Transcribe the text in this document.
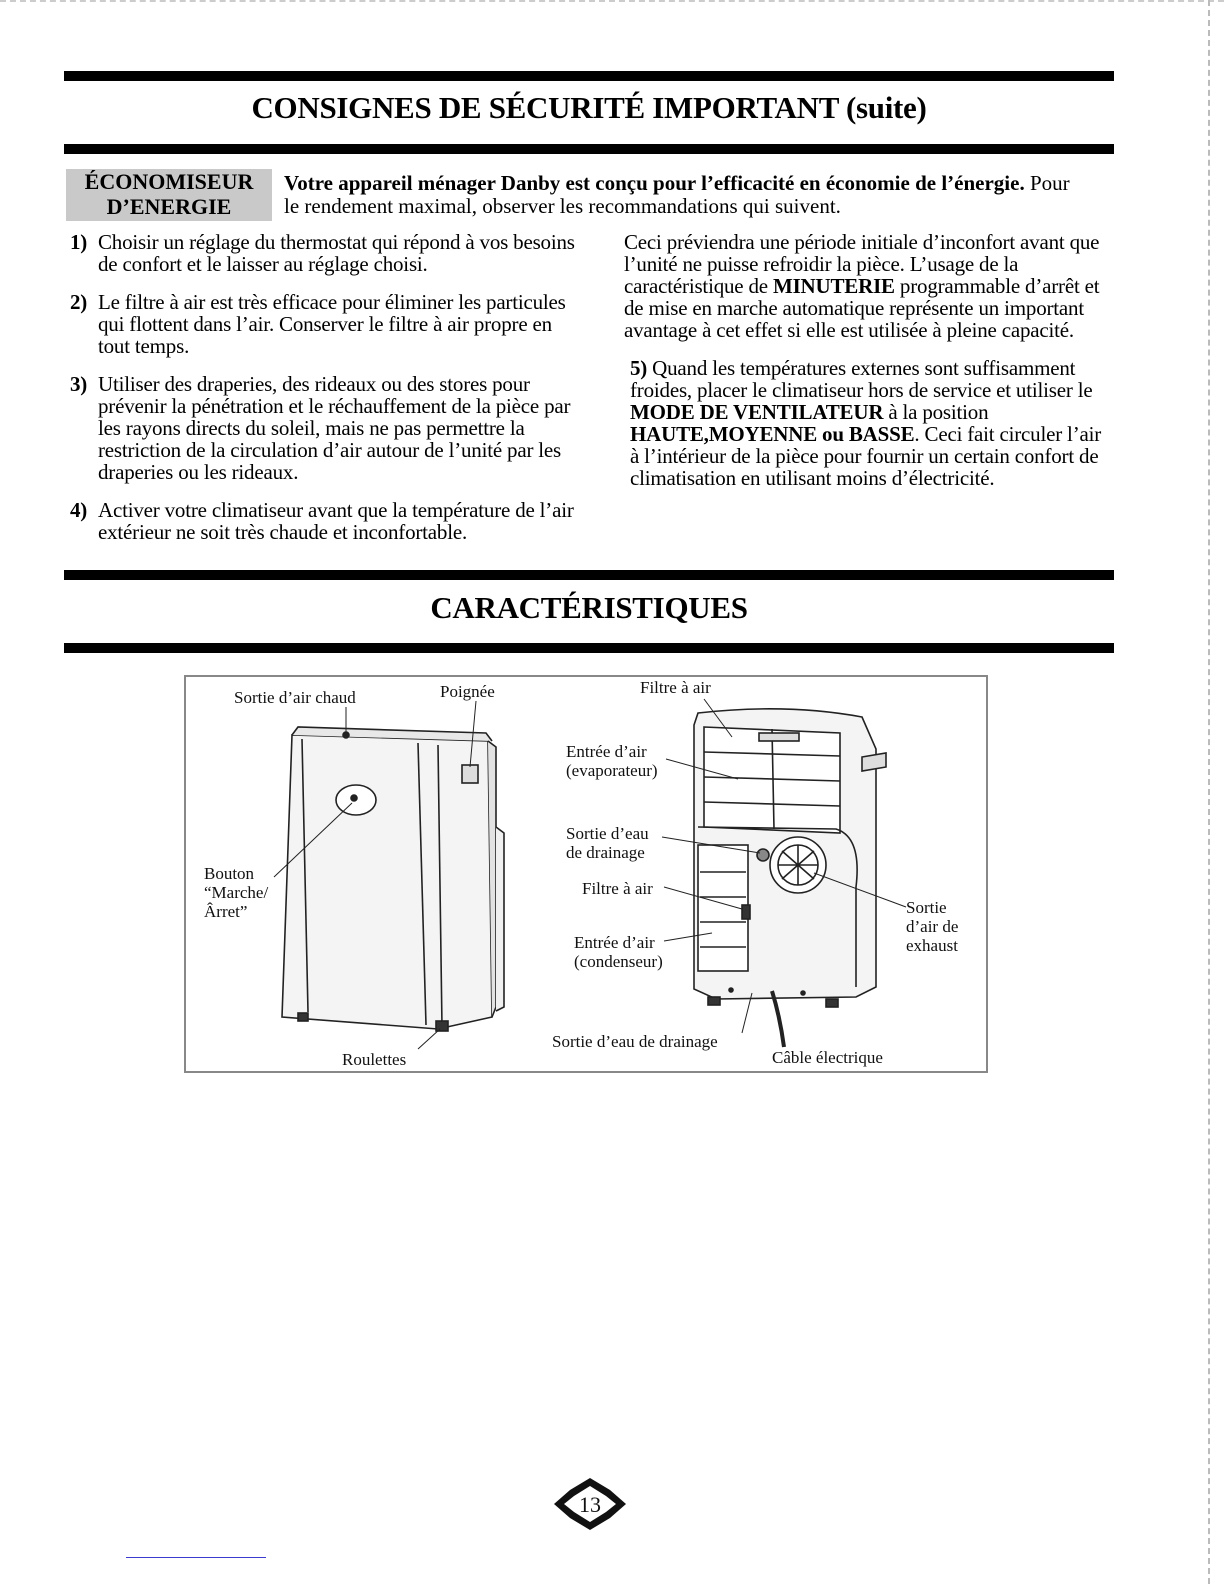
CONSIGNES DE SÉCURITÉ IMPORTANT (suite)
ÉCONOMISEUR
D’ENERGIE
Votre appareil ménager Danby est conçu pour l’efficacité en économie de l’énergie. Pour le rendement maximal, observer les recommandations qui suivent.
1) Choisir un réglage du thermostat qui répond à vos besoins de confort et le laisser au réglage choisi.
2) Le filtre à air est très efficace pour éliminer les particules qui flottent dans l’air. Conserver le filtre à air propre en tout temps.
3) Utiliser des draperies, des rideaux ou des stores pour prévenir la pénétration et le réchauffement de la pièce par les rayons directs du soleil, mais ne pas permettre la restriction de la circulation d’air autour de l’unité par les draperies ou les rideaux.
4) Activer votre climatiseur avant que la température de l’air extérieur ne soit très chaude et inconfortable.
Ceci préviendra une période initiale d’inconfort avant que l’unité ne puisse refroidir la pièce. L’usage de la caractéristique de MINUTERIE programmable d’arrêt et de mise en marche automatique représente un important avantage à cet effet si elle est utilisée à pleine capacité.
5) Quand les températures externes sont suffisamment froides, placer le climatiseur hors de service et utiliser le MODE DE VENTILATEUR à la position HAUTE,MOYENNE ou BASSE. Ceci fait circuler l’air à l’intérieur de la pièce pour fournir un certain confort de climatisation en utilisant moins d’électricité.
CARACTÉRISTIQUES
Sortie d’air chaud	Poignée	Filtre à air
Bouton
“Marche/
Ârret”
Entrée d’air
(evaporateur)
Sortie d’eau
de drainage
Filtre à air
Entrée d’air
(condenseur)
Sortie
d’air de
exhaust
Roulettes
Sortie d’eau de drainage
Câble électrique
13
